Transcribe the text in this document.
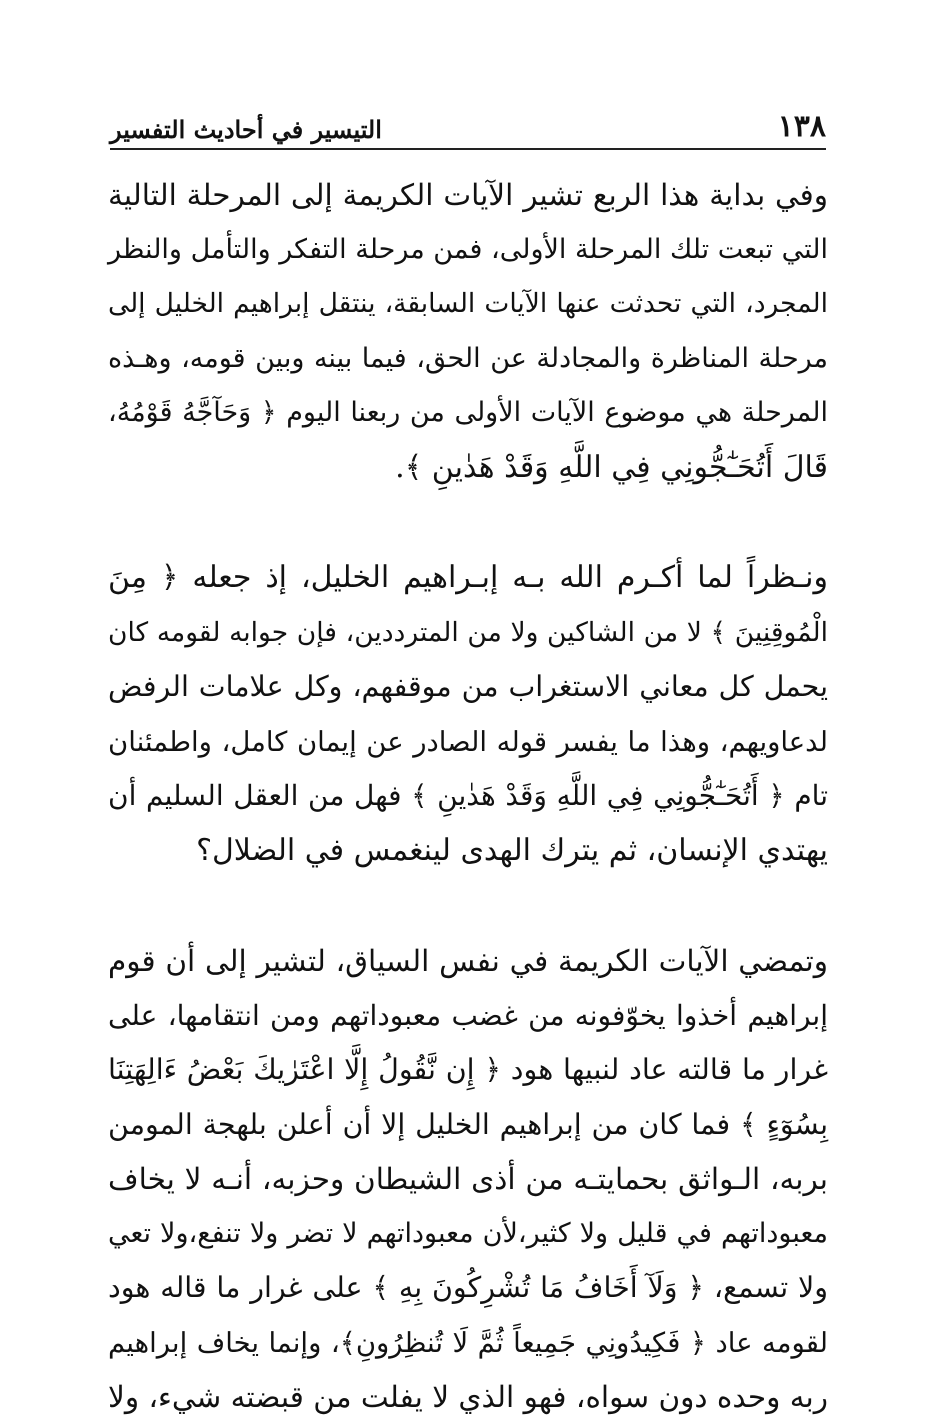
١٣٨
التيسير في أحاديث التفسير

وفي بداية هذا الربع تشير الآيات الكريمة إلى المرحلة التالية

التي تبعت تلك المرحلة الأولى، فمن مرحلة التفكر والتأمل والنظر

المجرد، التي تحدثت عنها الآيات السابقة، ينتقل إبراهيم الخليل إلى

مرحلة المناظرة والمجادلة عن الحق، فيما بينه وبين قومه، وهـذه

المرحلة هي موضوع الآيات الأولى من ربعنا اليوم ﴿ وَحَآجَّهُ قَوْمُهُ،

قَالَ أَتُحَـٰٓجُّونِي فِي اللَّهِ وَقَدْ هَدٰينِ ﴾.

ونـظراً لما أكـرم الله بـه إبـراهيم الخليل، إذ جعله ﴿ مِنَ

الْمُوقِنِينَ ﴾ لا من الشاكين ولا من المترددين، فإن جوابه لقومه كان

يحمل كل معاني الاستغراب من موقفهم، وكل علامات الرفض

لدعاويهم، وهذا ما يفسر قوله الصادر عن إيمان كامل، واطمئنان

تام ﴿ أَتُحَـٰٓجُّونِي فِي اللَّهِ وَقَدْ هَدٰينِ ﴾ فهل من العقل السليم أن

يهتدي الإنسان، ثم يترك الهدى لينغمس في الضلال؟

وتمضي الآيات الكريمة في نفس السياق، لتشير إلى أن قوم

إبراهيم أخذوا يخوّفونه من غضب معبوداتهم ومن انتقامها، على

غرار ما قالته عاد لنبيها هود ﴿ إِن نَّقُولُ إِلَّا اعْتَرٰيكَ بَعْضُ ءَالِهَتِنَا

بِسُوٓءٍ ﴾ فما كان من إبراهيم الخليل إلا أن أعلن بلهجة المومن

بربه، الـواثق بحمايتـه من أذى الشيطان وحزبه، أنـه لا يخاف

معبوداتهم في قليل ولا كثير،لأن معبوداتهم لا تضر ولا تنفع،ولا تعي

ولا تسمع، ﴿ وَلَآ أَخَافُ مَا تُشْرِكُونَ بِهِ ﴾ على غرار ما قاله هود

لقومه عاد ﴿ فَكِيدُونِي جَمِيعاً ثُمَّ لَا تُنظِرُونِ﴾، وإنما يخاف إبراهيم

ربه وحده دون سواه، فهو الذي لا يفلت من قبضته شيء، ولا
